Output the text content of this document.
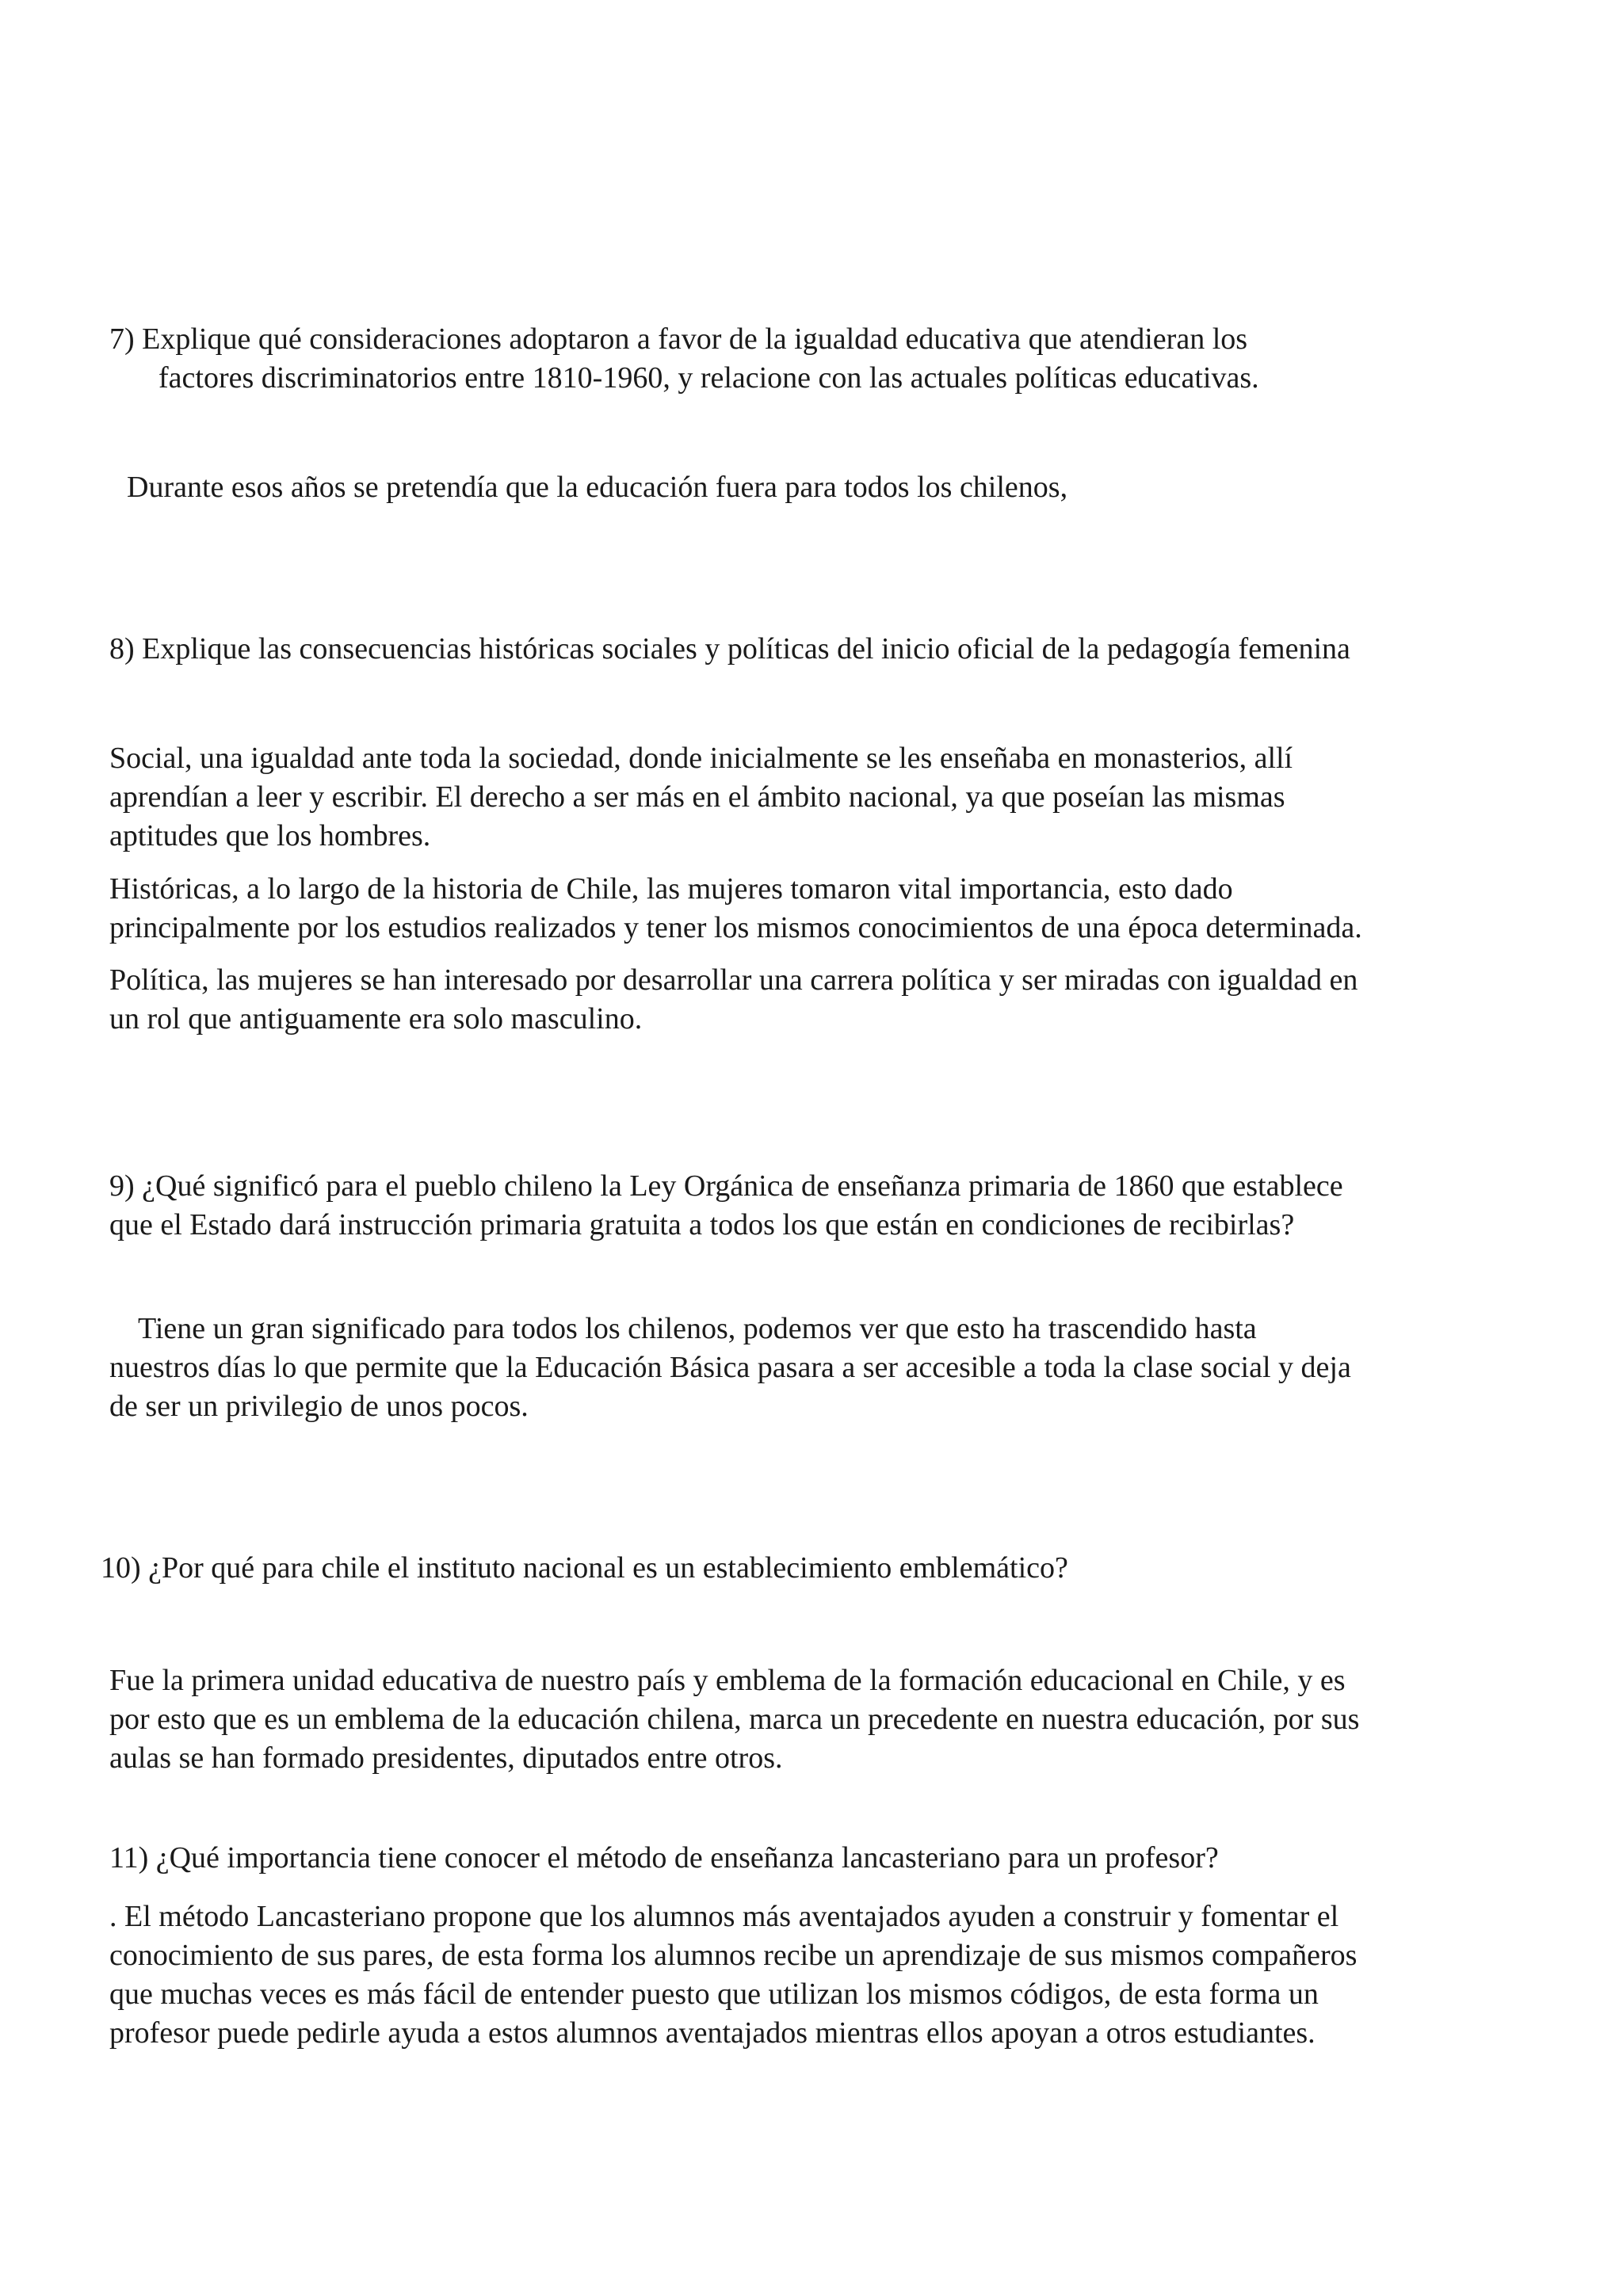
7) Explique qué consideraciones adoptaron a favor de la igualdad educativa que atendieran los
factores discriminatorios entre 1810-1960, y relacione con las actuales políticas educativas.
Durante esos años se pretendía que la educación fuera para todos los chilenos,
8) Explique las consecuencias históricas sociales y políticas del inicio oficial de la pedagogía femenina
Social, una igualdad ante toda la sociedad, donde inicialmente se les enseñaba en monasterios, allí
aprendían a leer y escribir. El derecho a ser más en el ámbito nacional, ya que poseían las mismas
aptitudes que los hombres.
Históricas, a lo largo de la historia de Chile, las mujeres tomaron vital importancia, esto dado
principalmente por los estudios realizados y tener los mismos conocimientos de una época determinada.
Política, las mujeres se han interesado por desarrollar una carrera política y ser miradas con igualdad en
un rol que antiguamente era solo masculino.
9) ¿Qué significó para el pueblo chileno la Ley Orgánica de enseñanza primaria de 1860 que establece
que el Estado dará instrucción primaria gratuita a todos los que están en condiciones de recibirlas?
Tiene un gran significado para todos los chilenos, podemos ver que esto ha trascendido hasta
nuestros días lo que permite que la Educación Básica pasara a ser accesible a toda la clase social y deja
de ser un privilegio de unos pocos.
10) ¿Por qué para chile el instituto nacional es un establecimiento emblemático?
Fue la primera unidad educativa de nuestro país y emblema de la formación educacional en Chile, y es
por esto que es un emblema de la educación chilena, marca un precedente en nuestra educación, por sus
aulas se han formado presidentes, diputados entre otros.
11) ¿Qué importancia tiene conocer el método de enseñanza lancasteriano para un profesor?
. El método Lancasteriano propone que los alumnos más aventajados ayuden a construir y fomentar el
conocimiento de sus pares, de esta forma los alumnos recibe un aprendizaje de sus mismos compañeros
que muchas veces es más fácil de entender puesto que utilizan los mismos códigos, de esta forma un
profesor puede pedirle ayuda a estos alumnos aventajados mientras ellos apoyan a otros estudiantes.
